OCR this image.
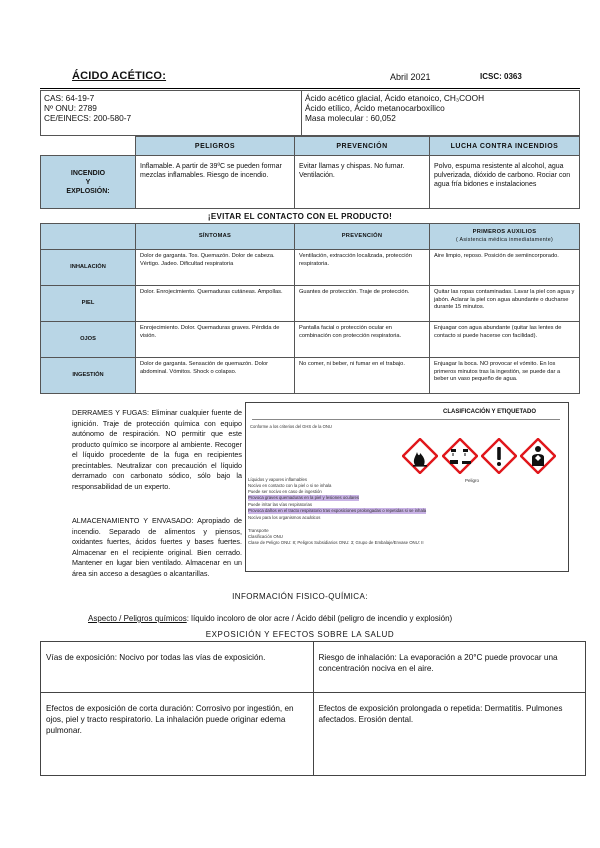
ÁCIDO ACÉTICO:	Abril 2021	ICSC: 0363
CAS: 64-19-7
Nº ONU: 2789
CE/EINECS: 200-580-7

Ácido acético glacial, Ácido etanoico, CH₃COOH
Ácido etílico, Ácido metanocarboxílico
Masa molecular : 60,052
	PELIGROS	PREVENCIÓN	LUCHA CONTRA INCENDIOS
INCENDIO
Y
EXPLOSIÓN:	Inflamable. A partir de 39ºC se pueden formar mezclas inflamables. Riesgo de incendio.	Evitar llamas y chispas. No fumar. Ventilación.	Polvo, espuma resistente al alcohol, agua pulverizada, dióxido de carbono. Rociar con agua fría bidones e instalaciones
¡EVITAR EL CONTACTO CON EL PRODUCTO!
	SÍNTOMAS	PREVENCIÓN	PRIMEROS AUXILIOS
( Asistencia médica inmediatamente)

INHALACIÓN	Dolor de garganta. Tos. Quemazón. Dolor de cabeza. Vértigo. Jadeo. Dificultad respiratoria	Ventilación, extracción localizada, protección respiratoria.	Aire limpio, reposo. Posición de semiincorporado.
PIEL	Dolor. Enrojecimiento. Quemaduras cutáneas. Ampollas.	Guantes de protección. Traje de protección.	Quitar las ropas contaminadas. Lavar la piel con agua y jabón. Aclarar la piel con agua abundante o ducharse durante 15 minutos.
OJOS	Enrojecimiento. Dolor. Quemaduras graves. Pérdida de visión.	Pantalla facial o protección ocular en combinación con protección respiratoria.	Enjuagar con agua abundante (quitar las lentes de contacto si puede hacerse con facilidad).
INGESTIÓN	Dolor de garganta. Sensación de quemazón. Dolor abdominal. Vómitos. Shock o colapso.	No comer, ni beber, ni fumar en el trabajo.	Enjuagar la boca. NO provocar el vómito. En los primeros minutos tras la ingestión, se puede dar a beber un vaso pequeño de agua.
DERRAMES Y FUGAS: Eliminar cualquier fuente de ignición. Traje de protección química con equipo autónomo de respiración. NO permitir que este producto químico se incorpore al ambiente. Recoger el líquido procedente de la fuga en recipientes precintables. Neutralizar con precaución el líquido derramado con carbonato sódico, sólo bajo la responsabilidad de un experto.
ALMACENAMIENTO Y ENVASADO: Apropiado de incendio. Separado de alimentos y piensos, oxidantes fuertes, ácidos fuertes y bases fuertes. Almacenar en el recipiente original. Bien cerrado. Mantener en lugar bien ventilado. Almacenar en un área sin acceso a desagües o alcantarillas.
CLASIFICACIÓN Y ETIQUETADO
Conforme a los criterios del GHS de la ONU
Peligro
Líquidos y vapores inflamables
Nocivo en contacto con la piel o si se inhala
Puede ser nocivo en caso de ingestión
Provoca graves quemaduras en la piel y lesiones oculares
Puede irritar las vías respiratorias
Provoca daños en el tracto respiratorio tras exposiciones prolongadas o repetidas si se inhala
Nocivo para los organismos acuáticos
Transporte
Clasificación ONU
Clase de Peligro ONU: 8; Peligros Subsidiarios ONU: 3; Grupo de Embalaje/Envase ONU: II
INFORMACIÓN FISICO-QUÍMICA:
Aspecto / Peligros químicos: líquido incoloro de olor acre / Ácido débil (peligro de incendio y explosión)
EXPOSICIÓN Y EFECTOS SOBRE LA SALUD
Vías de exposición: Nocivo por todas las vías de exposición.	Riesgo de inhalación: La evaporación a 20°C puede provocar una concentración nociva en el aire.
Efectos de exposición de corta duración: Corrosivo por ingestión, en ojos, piel y tracto respiratorio. La inhalación puede originar edema pulmonar.	Efectos de exposición prolongada o repetida: Dermatitis. Pulmones afectados. Erosión dental.
